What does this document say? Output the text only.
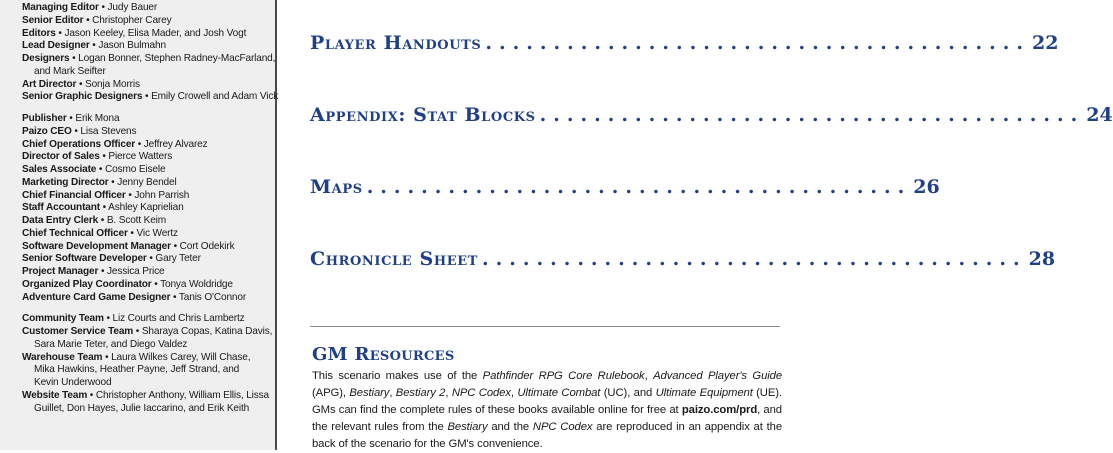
Managing Editor • Judy Bauer
Senior Editor • Christopher Carey
Editors • Jason Keeley, Elisa Mader, and Josh Vogt
Lead Designer • Jason Bulmahn
Designers • Logan Bonner, Stephen Radney-MacFarland,
and Mark Seifter
Art Director • Sonja Morris
Senior Graphic Designers • Emily Crowell and Adam Vick
Publisher • Erik Mona
Paizo CEO • Lisa Stevens
Chief Operations Officer • Jeffrey Alvarez
Director of Sales • Pierce Watters
Sales Associate • Cosmo Eisele
Marketing Director • Jenny Bendel
Chief Financial Officer • John Parrish
Staff Accountant • Ashley Kaprielian
Data Entry Clerk • B. Scott Keim
Chief Technical Officer • Vic Wertz
Software Development Manager • Cort Odekirk
Senior Software Developer • Gary Teter
Project Manager • Jessica Price
Organized Play Coordinator • Tonya Woldridge
Adventure Card Game Designer • Tanis O'Connor
Community Team • Liz Courts and Chris Lambertz
Customer Service Team • Sharaya Copas, Katina Davis,
Sara Marie Teter, and Diego Valdez
Warehouse Team • Laura Wilkes Carey, Will Chase,
Mika Hawkins, Heather Payne, Jeff Strand, and
Kevin Underwood
Website Team • Christopher Anthony, William Ellis, Lissa
Guillet, Don Hayes, Julie Iaccarino, and Erik Keith
Player Handouts ........................................ 22
Appendix: Stat Blocks ........................................ 24
Maps ........................................ 26
Chronicle Sheet ........................................ 28
GM Resources

This scenario makes use of the Pathfinder RPG Core Rulebook, Advanced Player's Guide (APG), Bestiary, Bestiary 2, NPC Codex, Ultimate Combat (UC), and Ultimate Equipment (UE). GMs can find the complete rules of these books available online for free at paizo.com/prd, and the relevant rules from the Bestiary and the NPC Codex are reproduced in an appendix at the back of the scenario for the GM's convenience.
